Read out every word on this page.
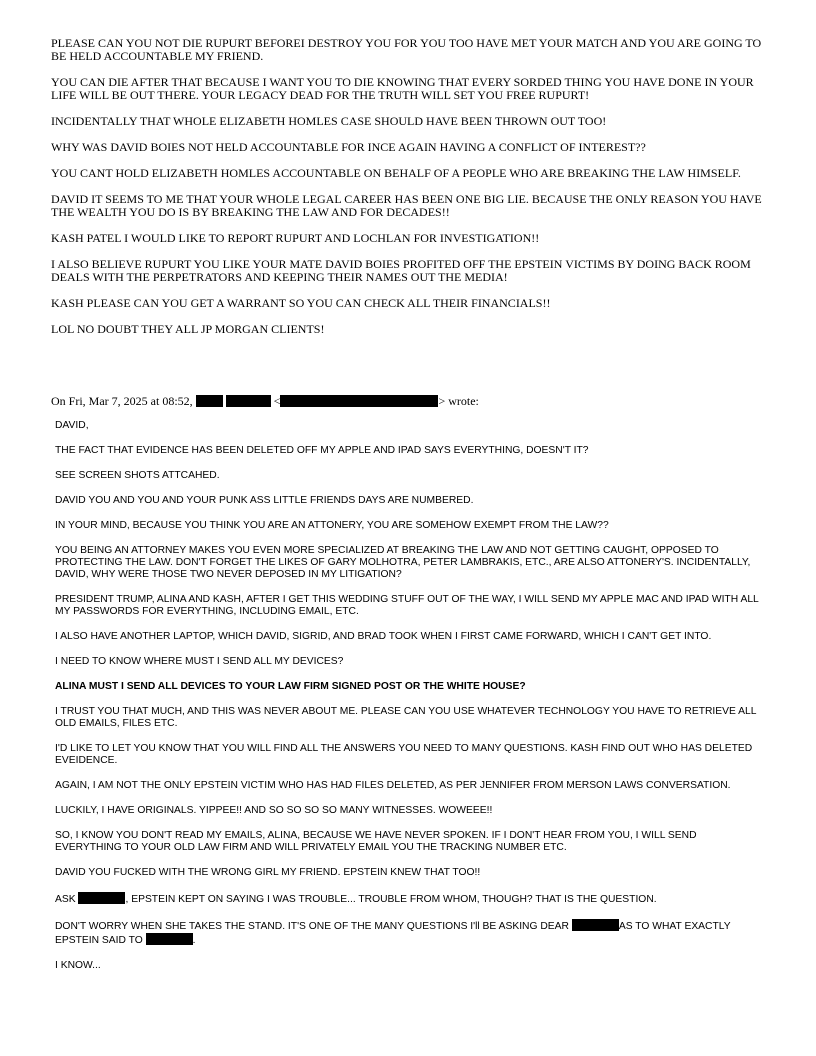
PLEASE CAN YOU NOT DIE RUPURT BEFOREI DESTROY YOU FOR YOU TOO HAVE MET YOUR MATCH AND YOU ARE GOING TO BE HELD ACCOUNTABLE MY FRIEND.

YOU CAN DIE AFTER THAT BECAUSE I WANT YOU TO DIE KNOWING THAT EVERY SORDED THING YOU HAVE DONE IN YOUR LIFE WILL BE OUT THERE. YOUR LEGACY DEAD FOR THE TRUTH WILL SET YOU FREE RUPURT!

INCIDENTALLY THAT WHOLE ELIZABETH HOMLES CASE SHOULD HAVE BEEN THROWN OUT TOO!

WHY WAS DAVID BOIES NOT HELD ACCOUNTABLE FOR INCE AGAIN HAVING A CONFLICT OF INTEREST??

YOU CANT HOLD ELIZABETH HOMLES ACCOUNTABLE ON BEHALF OF A PEOPLE WHO ARE BREAKING THE LAW HIMSELF.

DAVID IT SEEMS TO ME THAT YOUR WHOLE LEGAL CAREER HAS BEEN ONE BIG LIE. BECAUSE THE ONLY REASON YOU HAVE THE WEALTH YOU DO IS BY BREAKING THE LAW AND FOR DECADES!!

KASH PATEL I WOULD LIKE TO REPORT RUPURT AND LOCHLAN FOR INVESTIGATION!!

I ALSO BELIEVE RUPURT YOU LIKE YOUR MATE DAVID BOIES PROFITED OFF THE EPSTEIN VICTIMS BY DOING BACK ROOM DEALS WITH THE PERPETRATORS AND KEEPING THEIR NAMES OUT THE MEDIA!

KASH PLEASE CAN YOU GET A WARRANT SO YOU CAN CHECK ALL THEIR FINANCIALS!!

LOL NO DOUBT THEY ALL JP MORGAN CLIENTS!

On Fri, Mar 7, 2025 at 08:52,	<	> wrote:

DAVID,

THE FACT THAT EVIDENCE HAS BEEN DELETED OFF MY APPLE AND IPAD SAYS EVERYTHING, DOESN'T IT?

SEE SCREEN SHOTS ATTCAHED.

DAVID YOU AND YOU AND YOUR PUNK ASS LITTLE FRIENDS DAYS ARE NUMBERED.

IN YOUR MIND, BECAUSE YOU THINK YOU ARE AN ATTONERY, YOU ARE SOMEHOW EXEMPT FROM THE LAW??

YOU BEING AN ATTORNEY MAKES YOU EVEN MORE SPECIALIZED AT BREAKING THE LAW AND NOT GETTING CAUGHT, OPPOSED TO PROTECTING THE LAW. DON'T FORGET THE LIKES OF GARY MOLHOTRA, PETER LAMBRAKIS, ETC., ARE ALSO ATTONERY'S. INCIDENTALLY, DAVID, WHY WERE THOSE TWO NEVER DEPOSED IN MY LITIGATION?

PRESIDENT TRUMP, ALINA AND KASH, AFTER I GET THIS WEDDING STUFF OUT OF THE WAY, I WILL SEND MY APPLE MAC AND IPAD WITH ALL MY PASSWORDS FOR EVERYTHING, INCLUDING EMAIL, ETC.

I ALSO HAVE ANOTHER LAPTOP, WHICH DAVID, SIGRID, AND BRAD TOOK WHEN I FIRST CAME FORWARD, WHICH I CAN'T GET INTO.

I NEED TO KNOW WHERE MUST I SEND ALL MY DEVICES?

ALINA MUST I SEND ALL DEVICES TO YOUR LAW FIRM SIGNED POST OR THE WHITE HOUSE?

I TRUST YOU THAT MUCH, AND THIS WAS NEVER ABOUT ME. PLEASE CAN YOU USE WHATEVER TECHNOLOGY YOU HAVE TO RETRIEVE ALL OLD EMAILS, FILES ETC.

I'D LIKE TO LET YOU KNOW THAT YOU WILL FIND ALL THE ANSWERS YOU NEED TO MANY QUESTIONS. KASH FIND OUT WHO HAS DELETED EVEIDENCE.

AGAIN, I AM NOT THE ONLY EPSTEIN VICTIM WHO HAS HAD FILES DELETED, AS PER JENNIFER FROM MERSON LAWS CONVERSATION.

LUCKILY, I HAVE ORIGINALS. YIPPEE!! AND SO SO SO SO MANY WITNESSES. WOWEEE!!

SO, I KNOW YOU DON'T READ MY EMAILS, ALINA, BECAUSE WE HAVE NEVER SPOKEN. IF I DON'T HEAR FROM YOU, I WILL SEND EVERYTHING TO YOUR OLD LAW FIRM AND WILL PRIVATELY EMAIL YOU THE TRACKING NUMBER ETC.

DAVID YOU FUCKED WITH THE WRONG GIRL MY FRIEND. EPSTEIN KNEW THAT TOO!!

ASK	, EPSTEIN KEPT ON SAYING I WAS TROUBLE... TROUBLE FROM WHOM, THOUGH? THAT IS THE QUESTION.

DON'T WORRY WHEN SHE TAKES THE STAND. IT'S ONE OF THE MANY QUESTIONS I'll BE ASKING DEAR	AS TO WHAT EXACTLY EPSTEIN SAID TO	.

I KNOW...
